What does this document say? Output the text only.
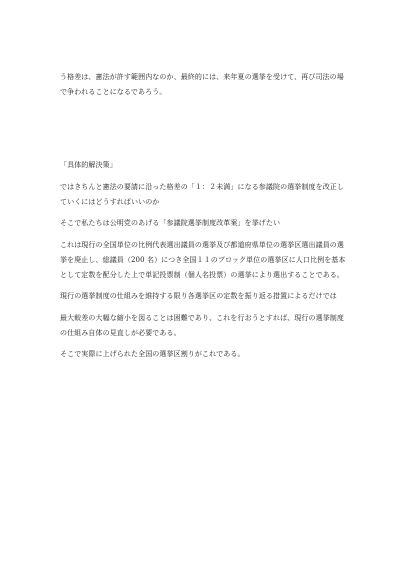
う格差は、憲法が許す範囲内なのか、最終的には、来年夏の選挙を受けて、再び司法の場
で争われることになるであろう。
「具体的解決策」
ではきちんと憲法の要請に沿った格差の「１：２未満」になる参議院の選挙制度を改正し
ていくにはどうすればいいのか
そこで私たちは公明党のあげる「参議院選挙制度改革案」を挙げたい
これは現行の全国単位の比例代表選出議員の選挙及び都道府県単位の選挙区選出議員の選
挙を廃止し、総議員（200 名）につき全国１１のブロック単位の選挙区に人口比例を基本
として定数を配分した上で単記投票制（個人名投票）の選挙により選出することである。
現行の選挙制度の仕組みを維持する限り各選挙区の定数を振り返る措置によるだけでは
最大較差の大幅な縮小を図ることは困難であり、これを行おうとすれば、現行の選挙制度
の仕組み自体の見直しが必要である。
そこで実際に上げられた全国の選挙区割りがこれである。
